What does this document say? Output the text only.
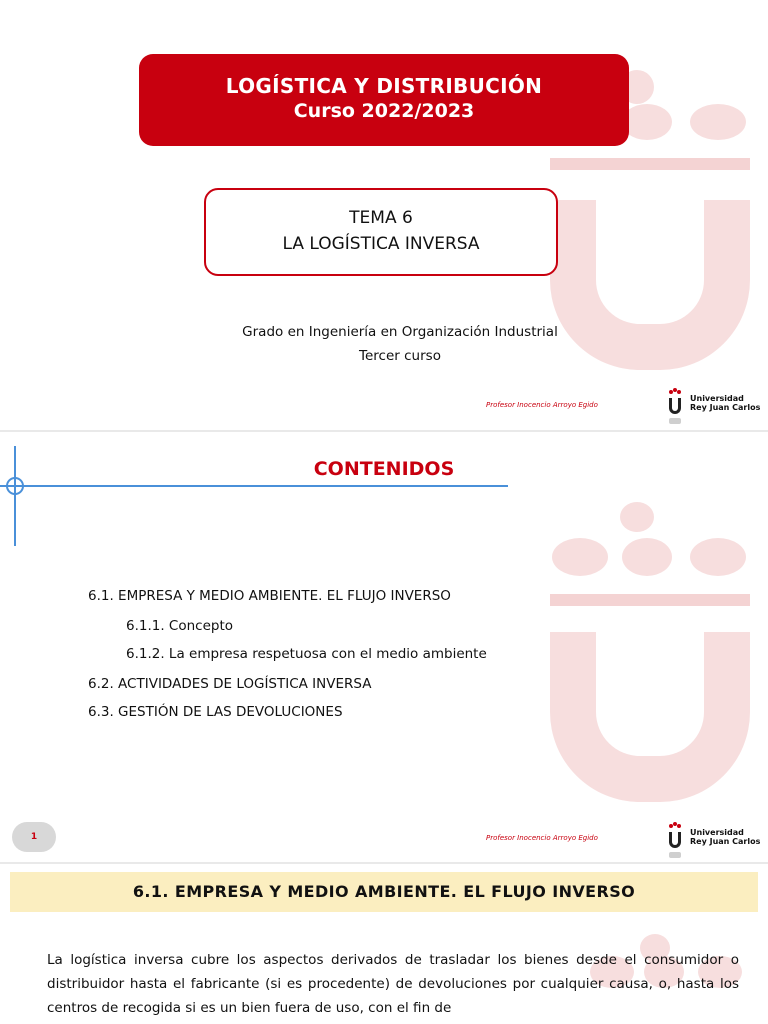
LOGÍSTICA Y DISTRIBUCIÓN
Curso 2022/2023
TEMA 6
LA LOGÍSTICA INVERSA
Grado en Ingeniería en Organización Industrial
Tercer curso
Profesor Inocencio Arroyo Egido
Universidad
Rey Juan Carlos
CONTENIDOS
6.1. EMPRESA Y MEDIO AMBIENTE. EL FLUJO INVERSO
6.1.1. Concepto
6.1.2. La empresa respetuosa con el medio ambiente
6.2. ACTIVIDADES DE LOGÍSTICA INVERSA
6.3. GESTIÓN DE LAS DEVOLUCIONES
1	Profesor Inocencio Arroyo Egido
Universidad
Rey Juan Carlos
6.1. EMPRESA Y MEDIO AMBIENTE. EL FLUJO INVERSO
La logística inversa cubre los aspectos derivados de trasladar los bienes desde el consumidor o distribuidor hasta el fabricante (si es procedente) de devoluciones por cualquier causa, o, hasta los centros de recogida si es un bien fuera de uso, con el fin de
